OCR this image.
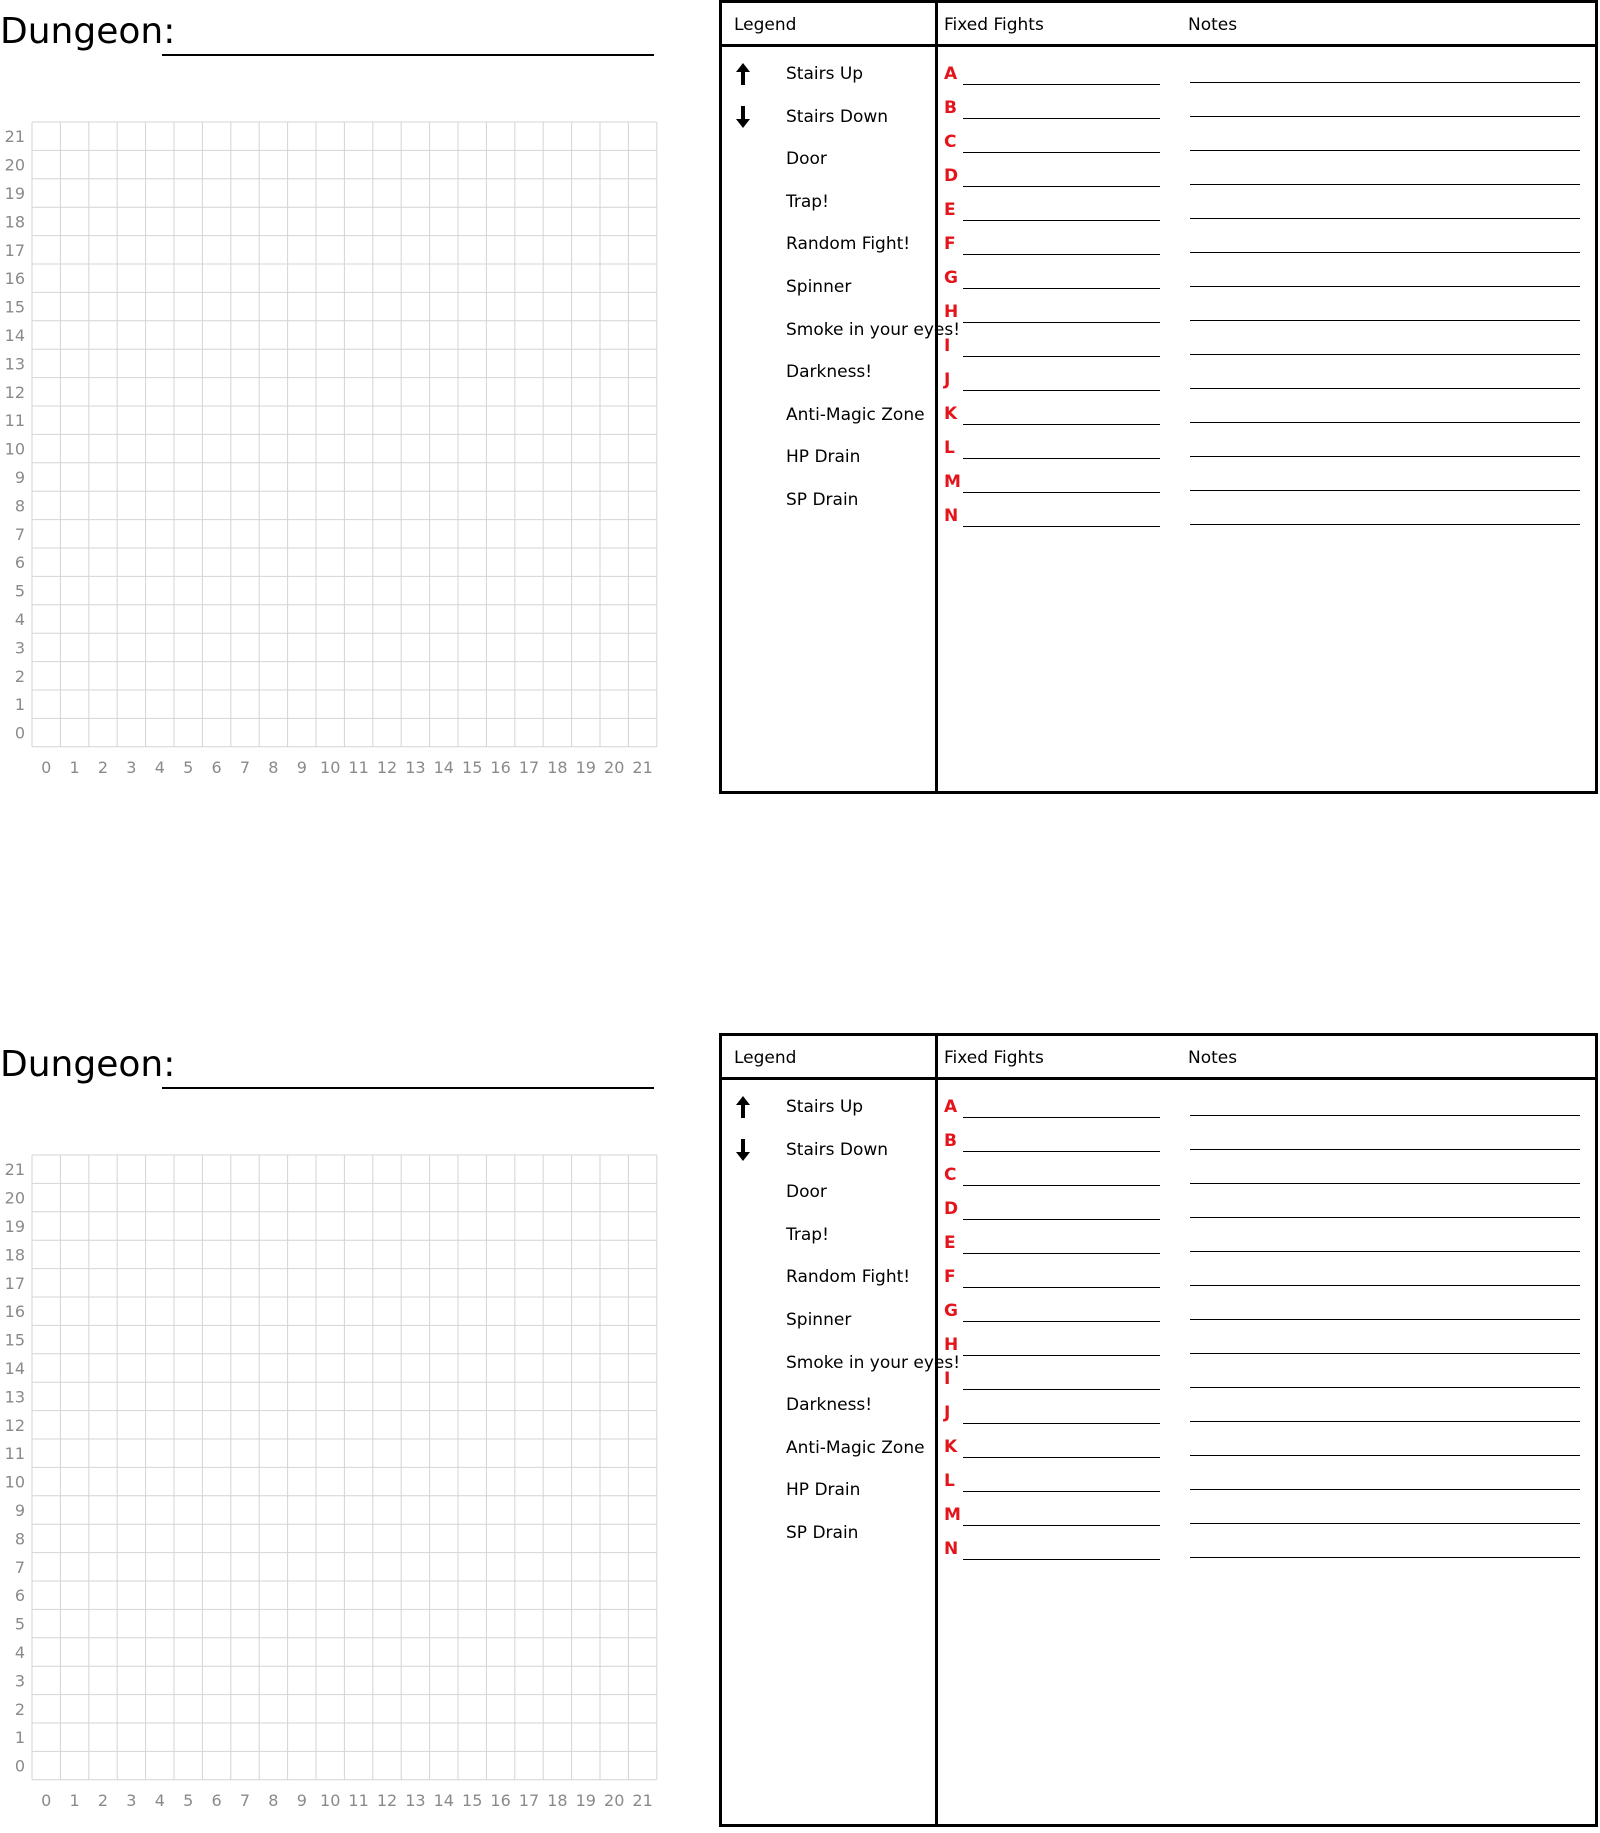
Dungeon:
21
20
19
18
17
16
15
14
13
12
11
10
9
8
7
6
5
4
3
2
1
0
0 1 2 3 4 5 6 7 8 9 10 11 12 13 14 15 16 17 18 19 20 21
Legend	Fixed Fights	Notes
Stairs Up
Stairs Down
Door
Trap!
Random Fight!
Spinner
Smoke in your eyes!
Darkness!
Anti-Magic Zone
HP Drain
SP Drain
A
B
C
D
E
F
G
H
I
J
K
L
M
N
Dungeon:
21
20
19
18
17
16
15
14
13
12
11
10
9
8
7
6
5
4
3
2
1
0
0 1 2 3 4 5 6 7 8 9 10 11 12 13 14 15 16 17 18 19 20 21
Legend	Fixed Fights	Notes
Stairs Up
Stairs Down
Door
Trap!
Random Fight!
Spinner
Smoke in your eyes!
Darkness!
Anti-Magic Zone
HP Drain
SP Drain
A
B
C
D
E
F
G
H
I
J
K
L
M
N
